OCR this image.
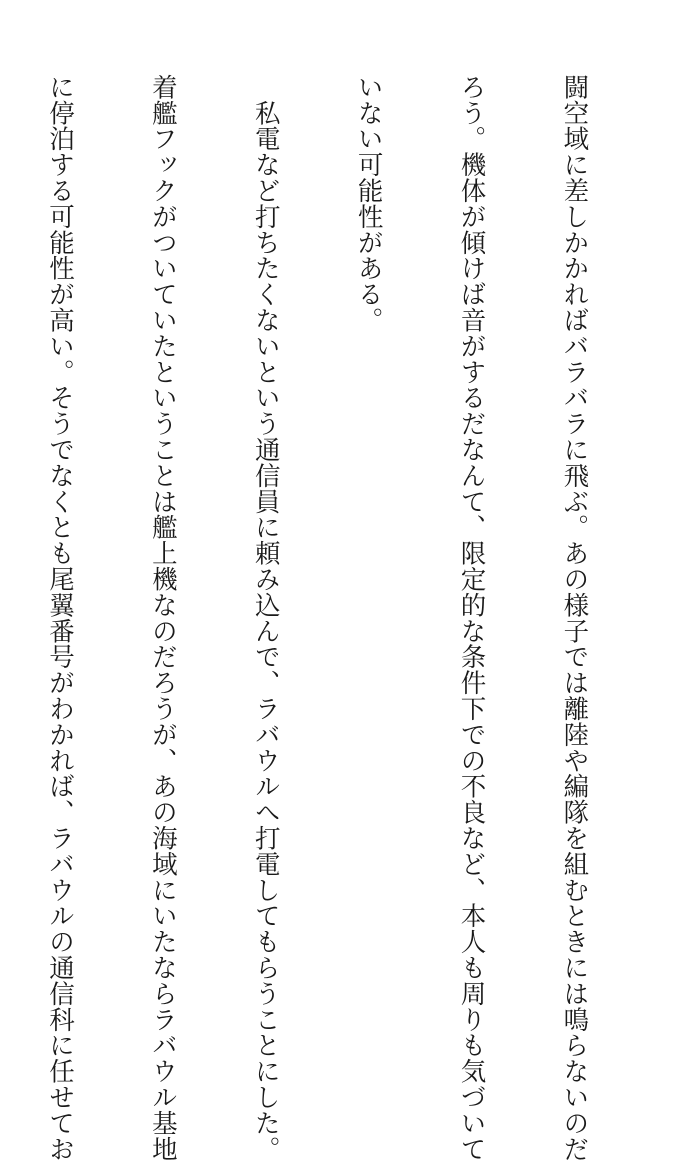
闘空域に差しかかればバラバラに飛ぶ。あの様子では離陸や編隊を組むときには鳴らないのだ

ろう。機体が傾けば音がするだなんて、限定的な条件下での不良など、本人も周りも気づいて

いない可能性がある。

　私電など打ちたくないという通信員に頼み込んで、ラバウルへ打電してもらうことにした。

着艦フックがついていたということは艦上機なのだろうが、あの海域にいたならラバウル基地

に停泊する可能性が高い。そうでなくとも尾翼番号がわかれば、ラバウルの通信科に任せてお
